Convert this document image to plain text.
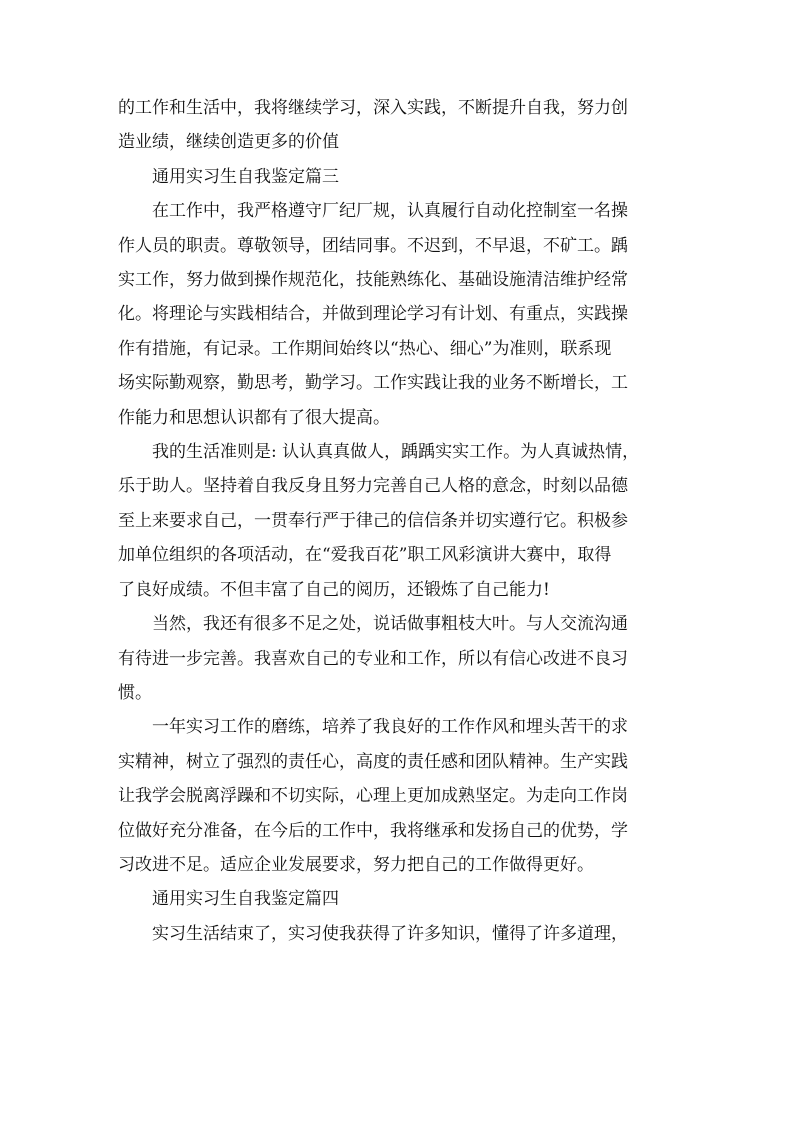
的工作和生活中，我将继续学习，深入实践，不断提升自我，努力创
造业绩，继续创造更多的价值

通用实习生自我鉴定篇三

在工作中，我严格遵守厂纪厂规，认真履行自动化控制室一名操
作人员的职责。尊敬领导，团结同事。不迟到，不早退，不矿工。踽
实工作，努力做到操作规范化，技能熟练化、基础设施清洁维护经常
化。将理论与实践相结合，并做到理论学习有计划、有重点，实践操
作有措施，有记录。工作期间始终以“热心、细心”为准则，联系现
场实际勤观察，勤思考，勤学习。工作实践让我的业务不断增长，工
作能力和思想认识都有了很大提高。

我的生活准则是: 认认真真做人，踽踽实实工作。为人真诚热情，
乐于助人。坚持着自我反身且努力完善自己人格的意念，时刻以品德
至上来要求自己，一贯奉行严于律己的信信条并切实遵行它。积极参
加单位组织的各项活动，在“爱我百花”职工风彩演讲大赛中，取得
了良好成绩。不但丰富了自己的阅历，还锻炼了自己能力!

当然，我还有很多不足之处，说话做事粗枝大叶。与人交流沟通
有待进一步完善。我喜欢自己的专业和工作，所以有信心改进不良习
惯。

一年实习工作的磨练，培养了我良好的工作作风和埋头苦干的求
实精神，树立了强烈的责任心，高度的责任感和团队精神。生产实践
让我学会脱离浮躁和不切实际，心理上更加成熟坚定。为走向工作岗
位做好充分准备，在今后的工作中，我将继承和发扬自己的优势，学
习改进不足。适应企业发展要求，努力把自己的工作做得更好。

通用实习生自我鉴定篇四

实习生活结束了，实习使我获得了许多知识，懂得了许多道理，
